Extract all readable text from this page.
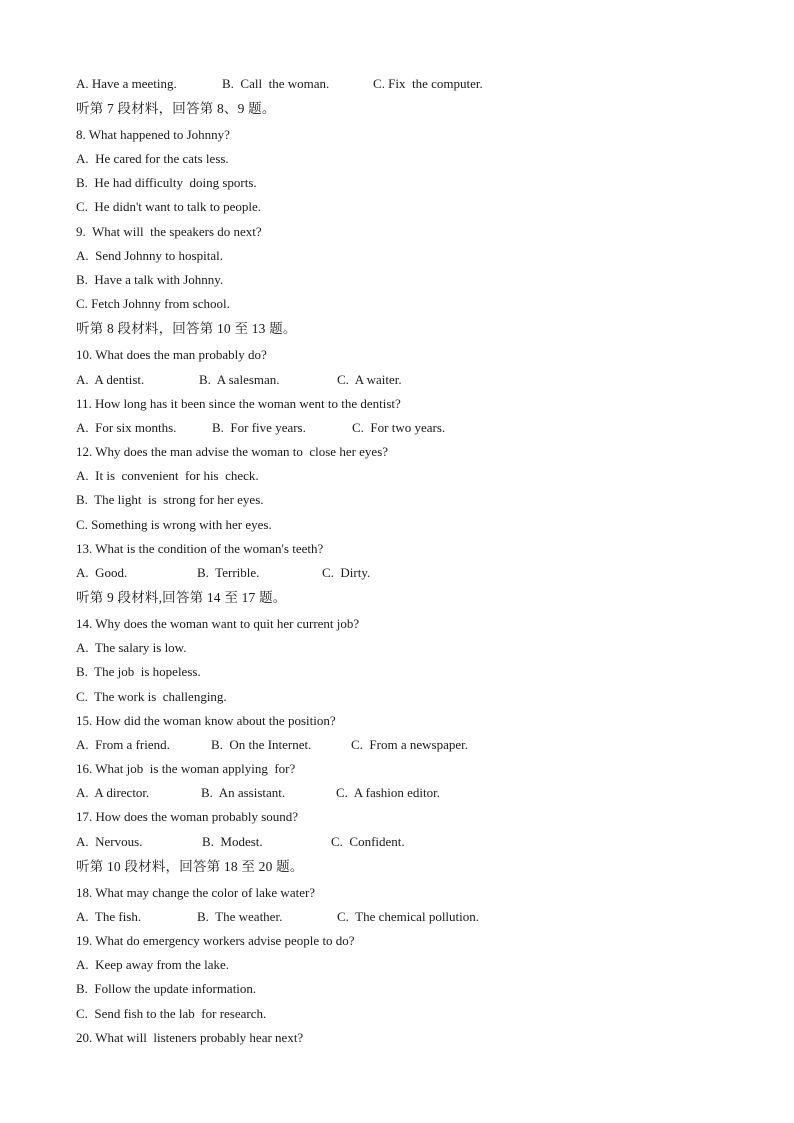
A. Have a meeting.	B.  Call  the woman.	C. Fix  the computer.
听第 7 段材料，回答第 8、9 题。
8. What happened to Johnny?
A.  He cared for the cats less.
B.  He had difficulty  doing sports.
C.  He didn't want to talk to people.
9.  What will  the speakers do next?
A.  Send Johnny to hospital.
B.  Have a talk with Johnny.
C. Fetch Johnny from school.
听第 8 段材料，回答第 10 至 13 题。
10. What does the man probably do?
A.  A dentist.	B.  A salesman.	C.  A waiter.
11. How long has it been since the woman went to the dentist?
A.  For six months.	B.  For five years.	C.  For two years.
12. Why does the man advise the woman to  close her eyes?
A.  It is  convenient  for his  check.
B.  The light  is  strong for her eyes.
C. Something is wrong with her eyes.
13. What is the condition of the woman's teeth?
A.  Good.	B.  Terrible.	C.  Dirty.
听第 9 段材料,回答第 14 至 17 题。
14. Why does the woman want to quit her current job?
A.  The salary is low.
B.  The job  is hopeless.
C.  The work is  challenging.
15. How did the woman know about the position?
A.  From a friend.	B.  On the Internet.	C.  From a newspaper.
16. What job  is the woman applying  for?
A.  A director.	B.  An assistant.	C.  A fashion editor.
17. How does the woman probably sound?
A.  Nervous.	B.  Modest.	C.  Confident.
听第 10 段材料，回答第 18 至 20 题。
18. What may change the color of lake water?
A.  The fish.	B.  The weather.	C.  The chemical pollution.
19. What do emergency workers advise people to do?
A.  Keep away from the lake.
B.  Follow the update information.
C.  Send fish to the lab  for research.
20. What will  listeners probably hear next?
